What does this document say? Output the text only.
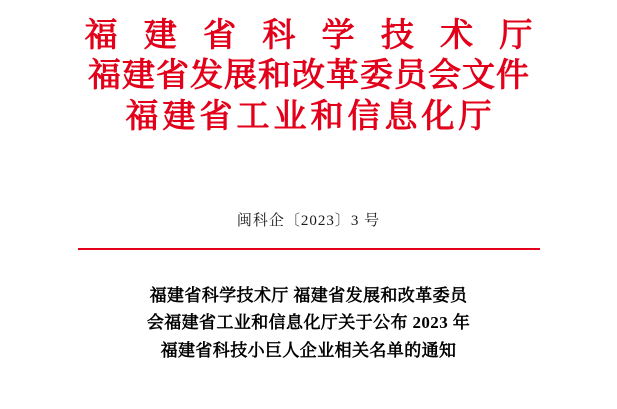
福 建 省 科 学 技 术 厅
福建省发展和改革委员会文件
福建省工业和信息化厅
闽科企〔2023〕3 号
福建省科学技术厅 福建省发展和改革委员
会福建省工业和信息化厅关于公布 2023 年
福建省科技小巨人企业相关名单的通知
